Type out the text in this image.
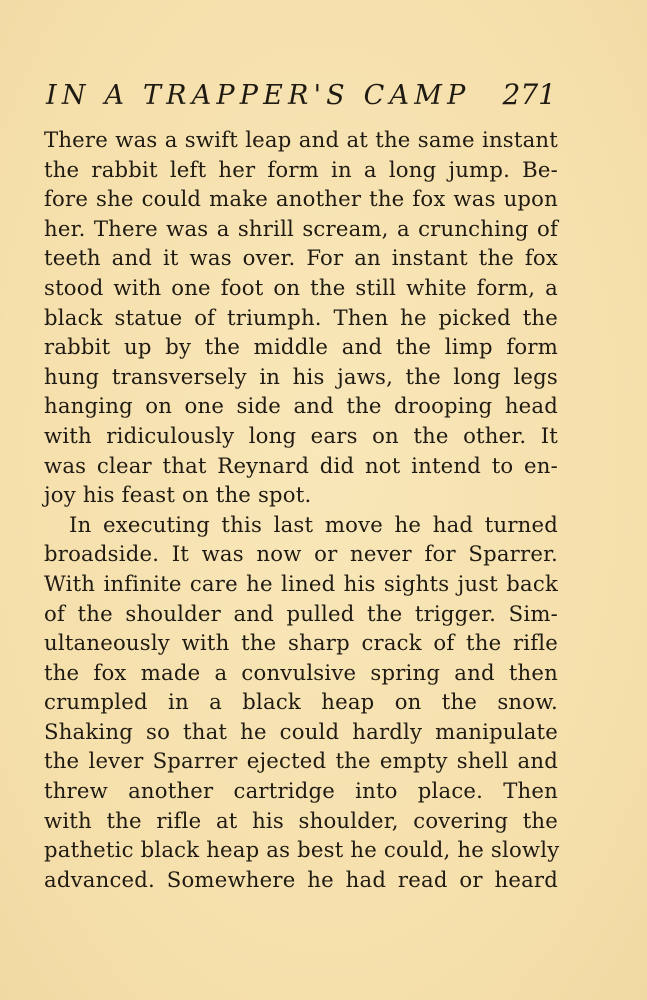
IN A TRAPPER'S CAMP 271
There was a swift leap and at the same instant
the rabbit left her form in a long jump. Be-
fore she could make another the fox was upon
her. There was a shrill scream, a crunching of
teeth and it was over. For an instant the fox
stood with one foot on the still white form, a
black statue of triumph. Then he picked the
rabbit up by the middle and the limp form
hung transversely in his jaws, the long legs
hanging on one side and the drooping head
with ridiculously long ears on the other. It
was clear that Reynard did not intend to en-
joy his feast on the spot.
In executing this last move he had turned
broadside. It was now or never for Sparrer.
With infinite care he lined his sights just back
of the shoulder and pulled the trigger. Sim-
ultaneously with the sharp crack of the rifle
the fox made a convulsive spring and then
crumpled in a black heap on the snow.
Shaking so that he could hardly manipulate
the lever Sparrer ejected the empty shell and
threw another cartridge into place. Then
with the rifle at his shoulder, covering the
pathetic black heap as best he could, he slowly
advanced. Somewhere he had read or heard
